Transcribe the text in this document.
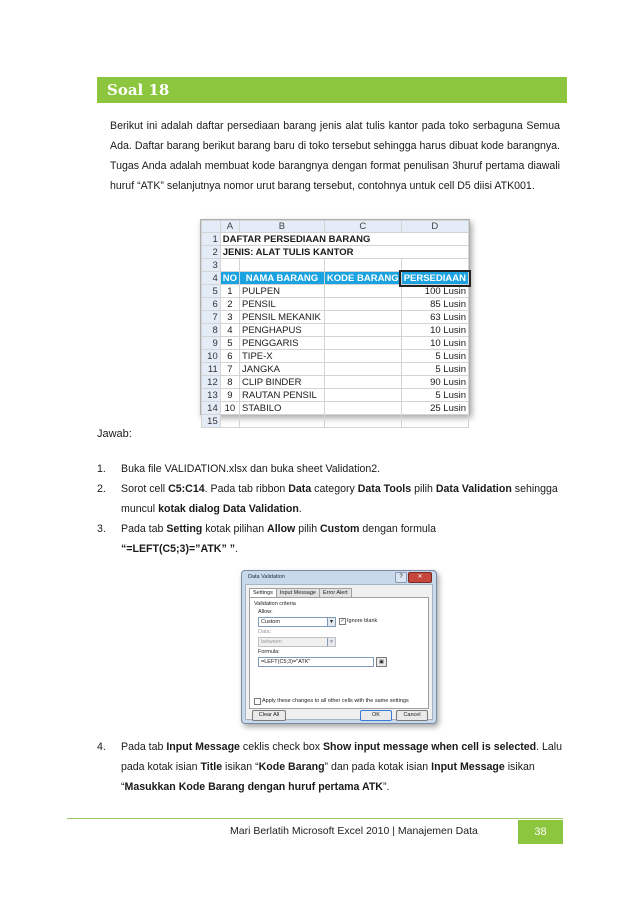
Soal 18

Berikut ini adalah daftar persediaan barang jenis alat tulis kantor pada toko serbaguna Semua Ada. Daftar barang berikut barang baru di toko tersebut sehingga harus dibuat kode barangnya. Tugas Anda adalah membuat kode barangnya dengan format penulisan 3huruf pertama diawali huruf “ATK” selanjutnya nomor urut barang tersebut, contohnya untuk cell D5 diisi ATK001.

	A	B	C	D
1	DAFTAR PERSEDIAAN BARANG			
2	JENIS: ALAT TULIS KANTOR			
3				
4	NO	NAMA BARANG	KODE BARANG	PERSEDIAAN
5	1	PULPEN		100 Lusin
6	2	PENSIL		85 Lusin
7	3	PENSIL MEKANIK		63 Lusin
8	4	PENGHAPUS		10 Lusin
9	5	PENGGARIS		10 Lusin
10	6	TIPE-X		5 Lusin
11	7	JANGKA		5 Lusin
12	8	CLIP BINDER		90 Lusin
13	9	RAUTAN PENSIL		5 Lusin
14	10	STABILO		25 Lusin
15				
Jawab:
1. Buka file VALIDATION.xlsx dan buka sheet Validation2.
2. Sorot cell C5:C14. Pada tab ribbon Data category Data Tools pilih Data Validation sehingga muncul kotak dialog Data Validation.
3. Pada tab Setting kotak pilihan Allow pilih Custom dengan formula
“=LEFT(C5;3)=”ATK” ”.
Data Validation	?	✕
Settings Input Message Error Alert
Validation criteria
Allow:
Custom	▼ ✓ Ignore blank
Data:
between	▼
Formula:
=LEFT(C5;3)="ATK"	▣
Apply these changes to all other cells with the same settings
Clear All	OK	Cancel
4. Pada tab Input Message ceklis check box Show input message when cell is selected. Lalu pada kotak isian Title isikan “Kode Barang” dan pada kotak isian Input Message isikan “Masukkan Kode Barang dengan huruf pertama ATK”.
Mari Berlatih Microsoft Excel 2010 | Manajemen Data	38
